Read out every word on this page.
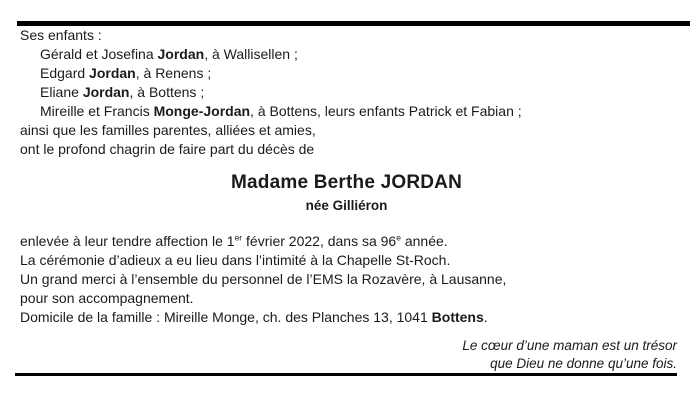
Ses enfants :
Gérald et Josefina Jordan, à Wallisellen ;
Edgard Jordan, à Renens ;
Eliane Jordan, à Bottens ;
Mireille et Francis Monge-Jordan, à Bottens, leurs enfants Patrick et Fabian ;
ainsi que les familles parentes, alliées et amies,
ont le profond chagrin de faire part du décès de
Madame Berthe JORDAN
née Gilliéron
enlevée à leur tendre affection le 1er février 2022, dans sa 96e année.
La cérémonie d’adieux a eu lieu dans l’intimité à la Chapelle St-Roch.
Un grand merci à l’ensemble du personnel de l’EMS la Rozavère, à Lausanne,
pour son accompagnement.
Domicile de la famille : Mireille Monge, ch. des Planches 13, 1041 Bottens.
Le cœur d’une maman est un trésor
que Dieu ne donne qu’une fois.
